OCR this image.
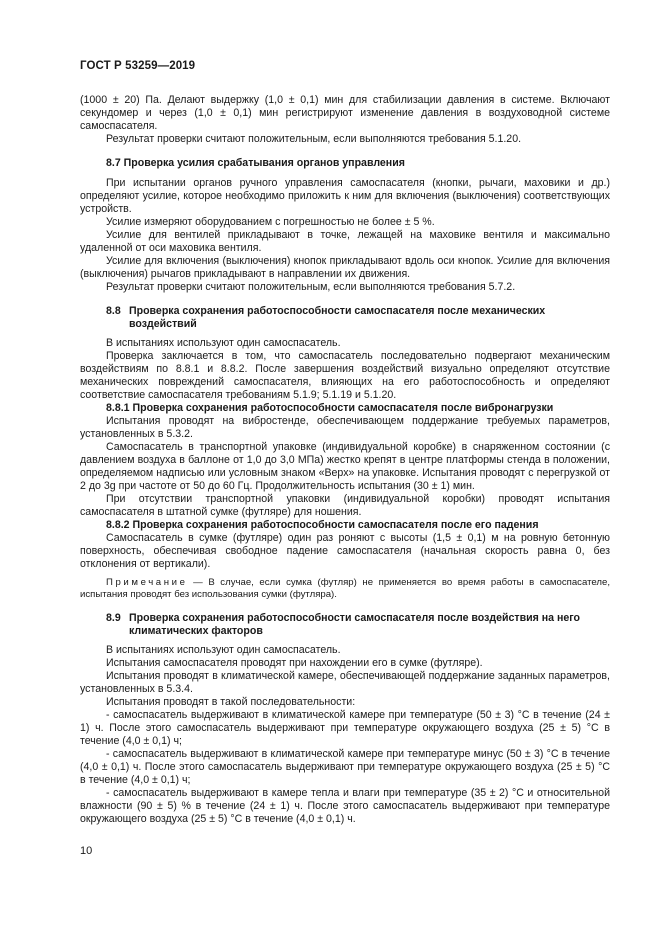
ГОСТ Р 53259—2019

(1000 ± 20) Па. Делают выдержку (1,0 ± 0,1) мин для стабилизации давления в системе. Включают секундомер и через (1,0 ± 0,1) мин регистрируют изменение давления в воздуховодной системе самоспасателя.

Результат проверки считают положительным, если выполняются требования 5.1.20.

8.7 Проверка усилия срабатывания органов управления

При испытании органов ручного управления самоспасателя (кнопки, рычаги, маховики и др.) определяют усилие, которое необходимо приложить к ним для включения (выключения) соответствующих устройств.

Усилие измеряют оборудованием с погрешностью не более ± 5 %.

Усилие для вентилей прикладывают в точке, лежащей на маховике вентиля и максимально удаленной от оси маховика вентиля.

Усилие для включения (выключения) кнопок прикладывают вдоль оси кнопок. Усилие для включения (выключения) рычагов прикладывают в направлении их движения.

Результат проверки считают положительным, если выполняются требования 5.7.2.

8.8 Проверка сохранения работоспособности самоспасателя после механических
воздействий

В испытаниях используют один самоспасатель.

Проверка заключается в том, что самоспасатель последовательно подвергают механическим воздействиям по 8.8.1 и 8.8.2. После завершения воздействий визуально определяют отсутствие механических повреждений самоспасателя, влияющих на его работоспособность и определяют соответствие самоспасателя требованиям 5.1.9; 5.1.19 и 5.1.20.

8.8.1 Проверка сохранения работоспособности самоспасателя после вибронагрузки

Испытания проводят на вибростенде, обеспечивающем поддержание требуемых параметров, установленных в 5.3.2.

Самоспасатель в транспортной упаковке (индивидуальной коробке) в снаряженном состоянии (с давлением воздуха в баллоне от 1,0 до 3,0 МПа) жестко крепят в центре платформы стенда в положении, определяемом надписью или условным знаком «Верх» на упаковке. Испытания проводят с перегрузкой от 2 до 3g при частоте от 50 до 60 Гц. Продолжительность испытания (30 ± 1) мин.

При отсутствии транспортной упаковки (индивидуальной коробки) проводят испытания самоспасателя в штатной сумке (футляре) для ношения.

8.8.2 Проверка сохранения работоспособности самоспасателя после его падения

Самоспасатель в сумке (футляре) один раз роняют с высоты (1,5 ± 0,1) м на ровную бетонную поверхность, обеспечивая свободное падение самоспасателя (начальная скорость равна 0, без отклонения от вертикали).

Примечание — В случае, если сумка (футляр) не применяется во время работы в самоспасателе, испытания проводят без использования сумки (футляра).

8.9 Проверка сохранения работоспособности самоспасателя после воздействия на него
климатических факторов

В испытаниях используют один самоспасатель.

Испытания самоспасателя проводят при нахождении его в сумке (футляре).

Испытания проводят в климатической камере, обеспечивающей поддержание заданных параметров, установленных в 5.3.4.

Испытания проводят в такой последовательности:

- самоспасатель выдерживают в климатической камере при температуре (50 ± 3) °C в течение (24 ± 1) ч. После этого самоспасатель выдерживают при температуре окружающего воздуха (25 ± 5) °C в течение (4,0 ± 0,1) ч;

- самоспасатель выдерживают в климатической камере при температуре минус (50 ± 3) °C в течение (4,0 ± 0,1) ч. После этого самоспасатель выдерживают при температуре окружающего воздуха (25 ± 5) °C в течение (4,0 ± 0,1) ч;

- самоспасатель выдерживают в камере тепла и влаги при температуре (35 ± 2) °C и относительной влажности (90 ± 5) % в течение (24 ± 1) ч. После этого самоспасатель выдерживают при температуре окружающего воздуха (25 ± 5) °C в течение (4,0 ± 0,1) ч.

10
